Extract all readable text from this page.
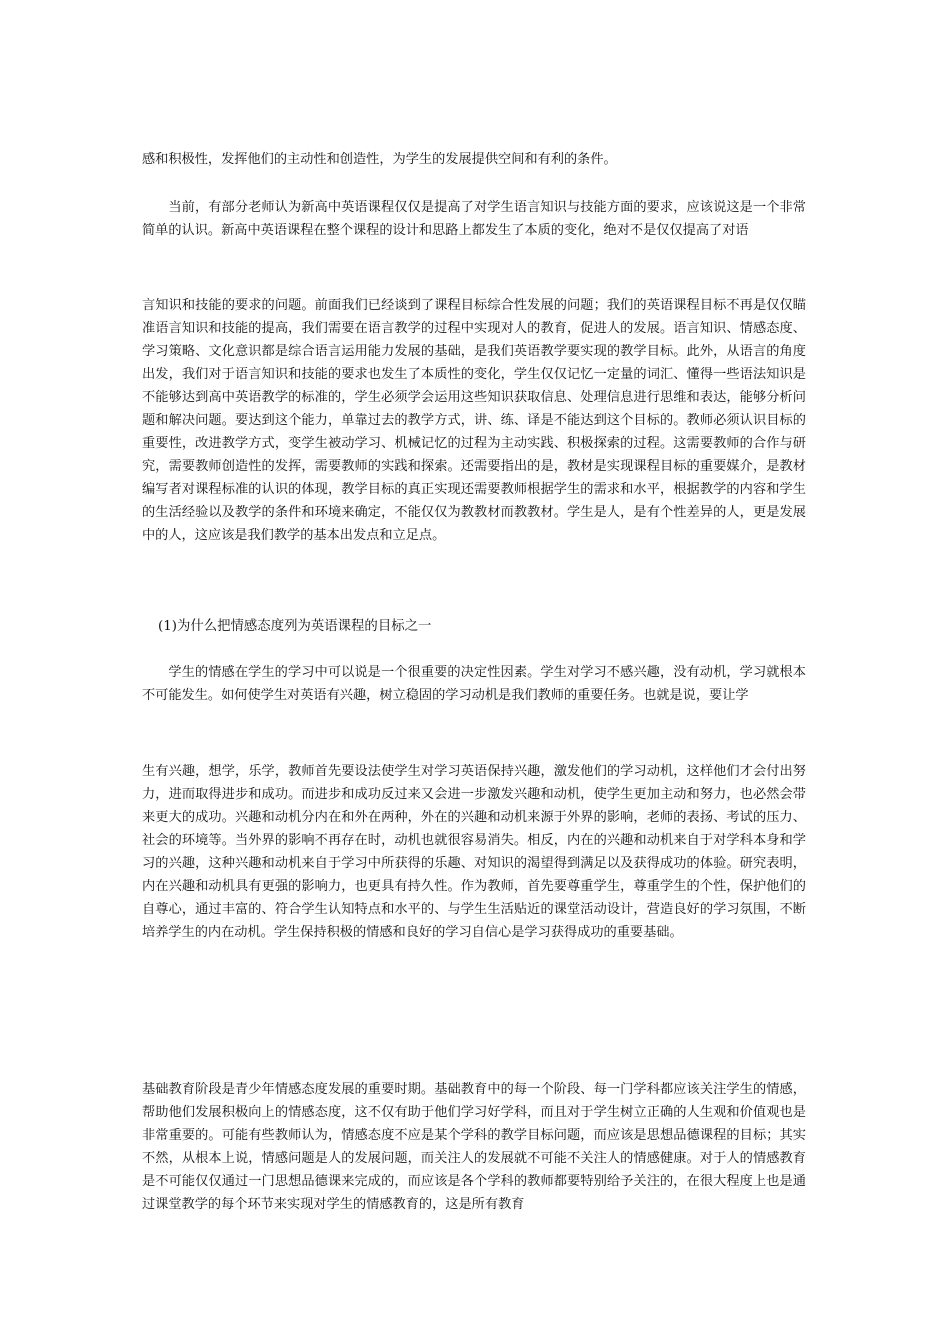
感和积极性，发挥他们的主动性和创造性，为学生的发展提供空间和有利的条件。

当前，有部分老师认为新高中英语课程仅仅是提高了对学生语言知识与技能方面的要求，应该说这是一个非常简单的认识。新高中英语课程在整个课程的设计和思路上都发生了本质的变化，绝对不是仅仅提高了对语

言知识和技能的要求的问题。前面我们已经谈到了课程目标综合性发展的问题；我们的英语课程目标不再是仅仅瞄准语言知识和技能的提高，我们需要在语言教学的过程中实现对人的教育，促进人的发展。语言知识、情感态度、学习策略、文化意识都是综合语言运用能力发展的基础，是我们英语教学要实现的教学目标。此外，从语言的角度出发，我们对于语言知识和技能的要求也发生了本质性的变化，学生仅仅记忆一定量的词汇、懂得一些语法知识是不能够达到高中英语教学的标准的，学生必须学会运用这些知识获取信息、处理信息进行思维和表达，能够分析问题和解决问题。要达到这个能力，单靠过去的教学方式，讲、练、译是不能达到这个目标的。教师必须认识目标的重要性，改进教学方式，变学生被动学习、机械记忆的过程为主动实践、积极探索的过程。这需要教师的合作与研究，需要教师创造性的发挥，需要教师的实践和探索。还需要指出的是，教材是实现课程目标的重要媒介，是教材编写者对课程标准的认识的体现，教学目标的真正实现还需要教师根据学生的需求和水平，根据教学的内容和学生的生活经验以及教学的条件和环境来确定，不能仅仅为教教材而教教材。学生是人，是有个性差异的人，更是发展中的人，这应该是我们教学的基本出发点和立足点。

(1)为什么把情感态度列为英语课程的目标之一

学生的情感在学生的学习中可以说是一个很重要的决定性因素。学生对学习不感兴趣，没有动机，学习就根本不可能发生。如何使学生对英语有兴趣，树立稳固的学习动机是我们教师的重要任务。也就是说，要让学

生有兴趣，想学，乐学，教师首先要设法使学生对学习英语保持兴趣，激发他们的学习动机，这样他们才会付出努力，进而取得进步和成功。而进步和成功反过来又会进一步激发兴趣和动机，使学生更加主动和努力，也必然会带来更大的成功。兴趣和动机分内在和外在两种，外在的兴趣和动机来源于外界的影响，老师的表扬、考试的压力、社会的环境等。当外界的影响不再存在时，动机也就很容易消失。相反，内在的兴趣和动机来自于对学科本身和学习的兴趣，这种兴趣和动机来自于学习中所获得的乐趣、对知识的渴望得到满足以及获得成功的体验。研究表明，内在兴趣和动机具有更强的影响力，也更具有持久性。作为教师，首先要尊重学生，尊重学生的个性，保护他们的自尊心，通过丰富的、符合学生认知特点和水平的、与学生生活贴近的课堂活动设计，营造良好的学习氛围，不断培养学生的内在动机。学生保持积极的情感和良好的学习自信心是学习获得成功的重要基础。

基础教育阶段是青少年情感态度发展的重要时期。基础教育中的每一个阶段、每一门学科都应该关注学生的情感，帮助他们发展积极向上的情感态度，这不仅有助于他们学习好学科，而且对于学生树立正确的人生观和价值观也是非常重要的。可能有些教师认为，情感态度不应是某个学科的教学目标问题，而应该是思想品德课程的目标；其实不然，从根本上说，情感问题是人的发展问题，而关注人的发展就不可能不关注人的情感健康。对于人的情感教育是不可能仅仅通过一门思想品德课来完成的，而应该是各个学科的教师都要特别给予关注的，在很大程度上也是通过课堂教学的每个环节来实现对学生的情感教育的，这是所有教育
